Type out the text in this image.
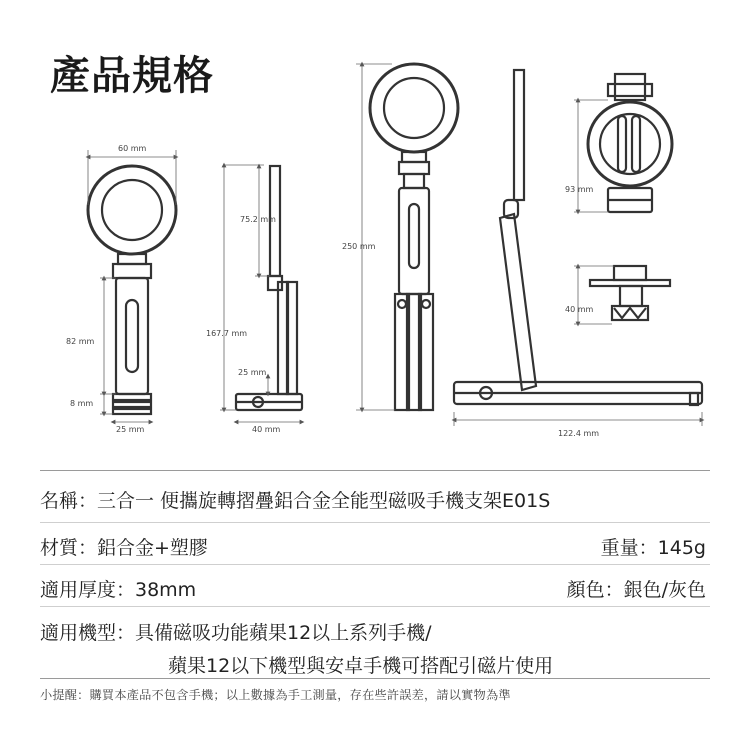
產品規格
60 mm
82 mm
8 mm
25 mm
75.2 mm
167.7 mm
25 mm
40 mm
250 mm
122.4 mm
93 mm
40 mm
名稱：三合一 便攜旋轉摺疊鋁合金全能型磁吸手機支架E01S
材質：鋁合金+塑膠	重量：145g
適用厚度：38mm	顏色：銀色/灰色
適用機型：具備磁吸功能蘋果12以上系列手機/
蘋果12以下機型與安卓手機可搭配引磁片使用
小提醒：購買本產品不包含手機；以上數據為手工測量，存在些許誤差，請以實物為準
